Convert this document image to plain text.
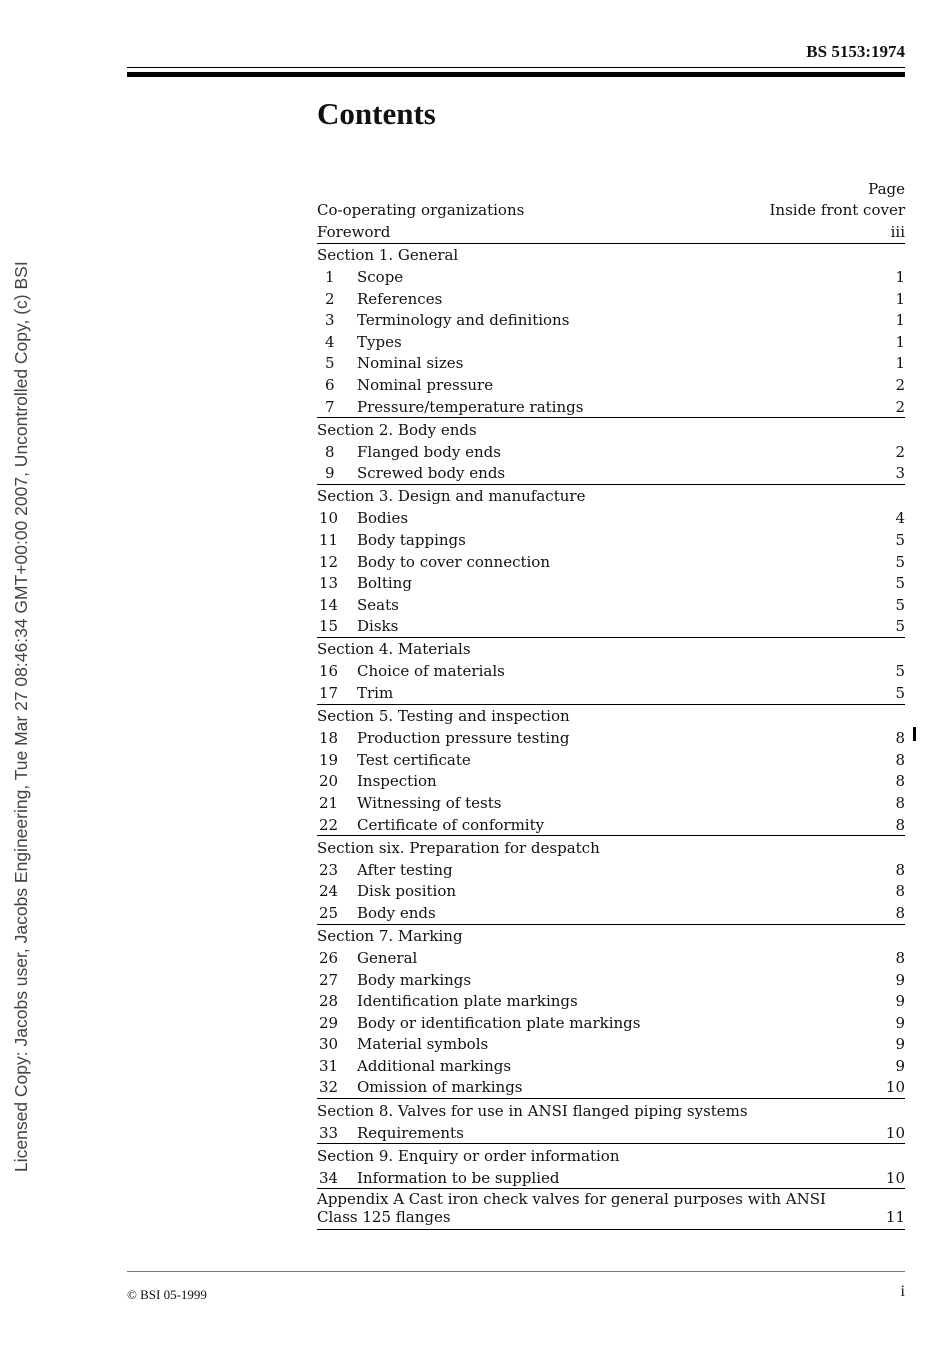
BS 5153:1974
Licensed Copy: Jacobs user, Jacobs Engineering, Tue Mar 27 08:46:34 GMT+00:00 2007, Uncontrolled Copy, (c) BSI
Contents
Page
Co-operating organizations	Inside front cover
Foreword	iii
Section 1. General
1	Scope	1
2	References	1
3	Terminology and definitions	1
4	Types	1
5	Nominal sizes	1
6	Nominal pressure	2
7	Pressure/temperature ratings	2
Section 2. Body ends
8	Flanged body ends	2
9	Screwed body ends	3
Section 3. Design and manufacture
10	Bodies	4
11	Body tappings	5
12	Body to cover connection	5
13	Bolting	5
14	Seats	5
15	Disks	5
Section 4. Materials
16	Choice of materials	5
17	Trim	5
Section 5. Testing and inspection
18	Production pressure testing	8
19	Test certificate	8
20	Inspection	8
21	Witnessing of tests	8
22	Certificate of conformity	8
Section six. Preparation for despatch
23	After testing	8
24	Disk position	8
25	Body ends	8
Section 7. Marking
26	General	8
27	Body markings	9
28	Identification plate markings	9
29	Body or identification plate markings	9
30	Material symbols	9
31	Additional markings	9
32	Omission of markings	10
Section 8. Valves for use in ANSI flanged piping systems
33	Requirements	10
Section 9. Enquiry or order information
34	Information to be supplied	10
Appendix A Cast iron check valves for general purposes with ANSI
Class 125 flanges	11
© BSI 05-1999	i
